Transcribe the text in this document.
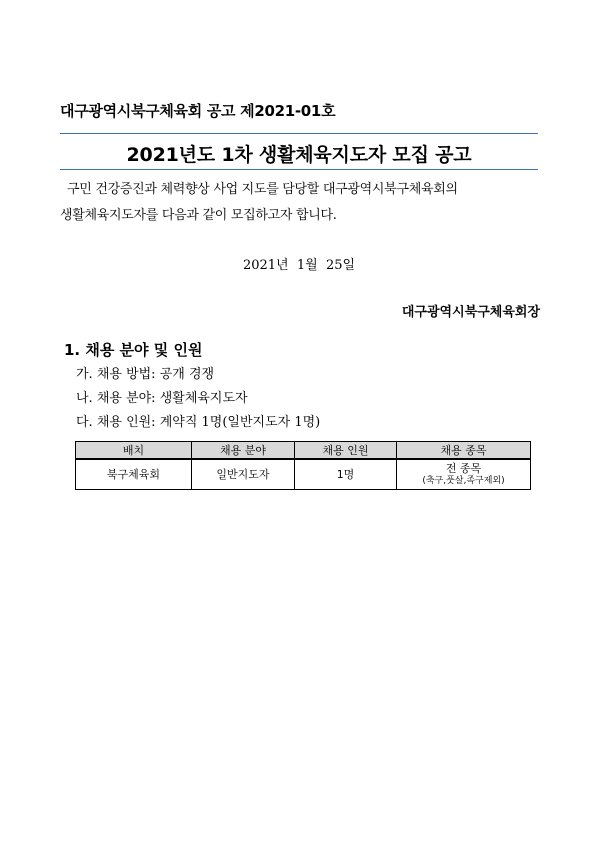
대구광역시북구체육회 공고 제2021-01호
2021년도 1차 생활체육지도자 모집 공고
구민 건강증진과 체력향상 사업 지도를 담당할 대구광역시북구체육회의
생활체육지도자를 다음과 같이 모집하고자 합니다.
2021년  1월  25일
대구광역시북구체육회장
1. 채용 분야 및 인원
가. 채용 방법: 공개 경쟁
나. 채용 분야: 생활체육지도자
다. 채용 인원: 계약직 1명(일반지도자 1명)
배치	채용 분야	채용 인원	채용 종목
북구체육회	일반지도자	1명	전 종목
(축구,풋살,족구제외)
